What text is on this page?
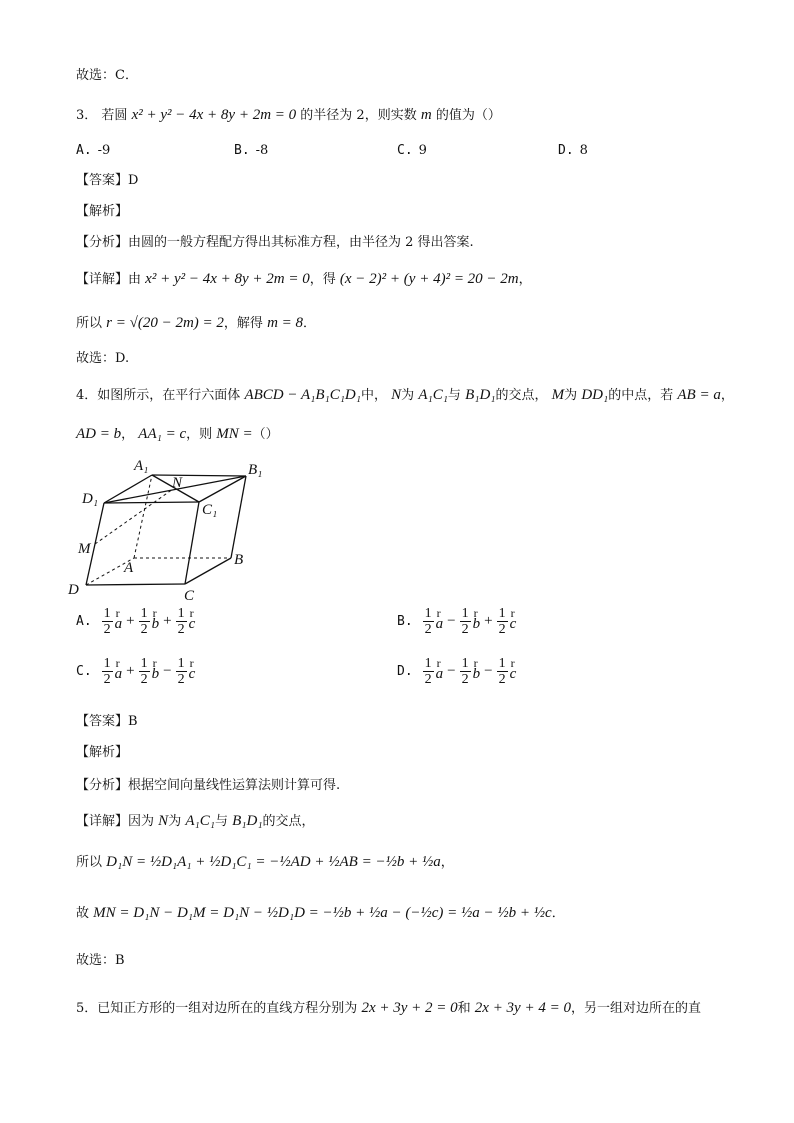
故选：C．
3． 若圆 x² + y² − 4x + 8y + 2m = 0 的半径为 2，则实数 m 的值为（）
A. -9	B. -8	C. 9	D. 8
【答案】D
【解析】
【分析】由圆的一般方程配方得出其标准方程，由半径为 2 得出答案.
【详解】由 x² + y² − 4x + 8y + 2m = 0，得 (x − 2)² + (y + 4)² = 20 − 2m，
所以 r = √(20 − 2m) = 2，解得 m = 8．
故选：D.
4．如图所示，在平行六面体 ABCD − A₁B₁C₁D₁中， N为 A₁C₁与 B₁D₁的交点， M为 DD₁的中点，若 AB = a，
AD = b， AA₁ = c，则 MN =（）
A₁	B₁
C₁
D₁
N
M
A	B
C
D
A. $\frac{1}{2}$ a
$r + \frac{1}{2}$ b
$r + \frac{1}{2}$ c
r
B. $\frac{1}{2}$ a
$r - \frac{1}{2}$ b
$r + \frac{1}{2}$ c
r
C. $\frac{1}{2}$ a
$r + \frac{1}{2}$ b
$r - \frac{1}{2}$ c
r
D. $\frac{1}{2}$ a
$r - \frac{1}{2}$ b
$r - \frac{1}{2}$ c
r
【答案】B
【解析】
【分析】根据空间向量线性运算法则计算可得.
【详解】因为 N为 A₁C₁与 B₁D₁的交点，
所以 D₁N = ½D₁A₁ + ½D₁C₁ = −½AD + ½AB = −½b + ½a，
故 MN = D₁N − D₁M = D₁N − ½D₁D = −½b + ½a − (−½c) = ½a − ½b + ½c．
故选：B
5．已知正方形的一组对边所在的直线方程分别为 2x + 3y + 2 = 0和 2x + 3y + 4 = 0，另一组对边所在的直
